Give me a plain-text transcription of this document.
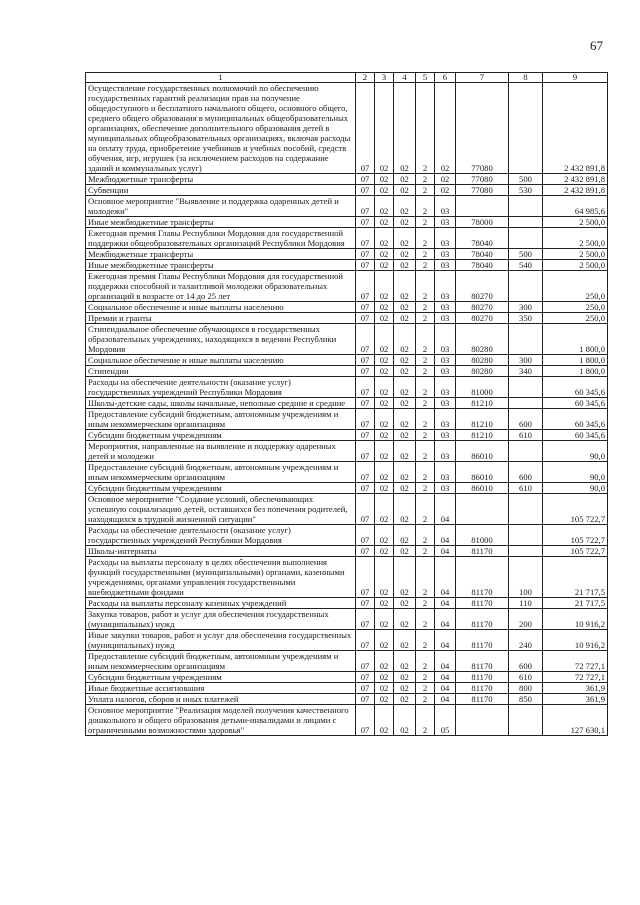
67
1	2	3	4	5	6	7	8	9
Осуществление государственных полномочий по обеспечению государственных гарантий реализации прав на получение общедоступного и бесплатного начального общего, основного общего, среднего общего образования в муниципальных общеобразовательных организациях, обеспечение дополнительного образования детей в муниципальных общеобразовательных организациях, включая расходы на оплату труда, приобретение учебников и учебных пособий, средств обучения, игр, игрушек (за исключением расходов на содержание зданий и коммунальных услуг)	07	02	02	2	02	77080		2 432 891,8
Межбюджетные трансферты	07	02	02	2	02	77080	500	2 432 891,8
Субвенции	07	02	02	2	02	77080	530	2 432 891,8
Основное мероприятие "Выявление и поддержка одаренных детей и молодежи"	07	02	02	2	03			64 985,6
Иные межбюджетные трансферты	07	02	02	2	03	78000		2 500,0
Ежегодная премия Главы Республики Мордовия для государственной поддержки общеобразовательных организаций Республики Мордовия	07	02	02	2	03	78040		2 500,0
Межбюджетные трансферты	07	02	02	2	03	78040	500	2 500,0
Иные межбюджетные трансферты	07	02	02	2	03	78040	540	2 500,0
Ежегодная премия Главы Республики Мордовия для государственной поддержки способной и талантливой молодежи образовательных организаций в возрасте от 14 до 25 лет	07	02	02	2	03	80270		250,0
Социальное обеспечение и иные выплаты населению	07	02	02	2	03	80270	300	250,0
Премии и гранты	07	02	02	2	03	80270	350	250,0
Стипендиальное обеспечение обучающихся в государственных образовательных учреждениях, находящихся в ведении Республики Мордовия	07	02	02	2	03	80280		1 800,0
Социальное обеспечение и иные выплаты населению	07	02	02	2	03	80280	300	1 800,0
Стипендии	07	02	02	2	03	80280	340	1 800,0
Расходы на обеспечение деятельности (оказание услуг) государственных учреждений Республики Мордовия	07	02	02	2	03	81000		60 345,6
Школы-детские сады, школы начальные, неполные средние и средние	07	02	02	2	03	81210		60 345,6
Предоставление субсидий бюджетным, автономным учреждениям и иным некоммерческим организациям	07	02	02	2	03	81210	600	60 345,6
Субсидии бюджетным учреждениям	07	02	02	2	03	81210	610	60 345,6
Мероприятия, направленные на выявление и поддержку одаренных детей и молодежи	07	02	02	2	03	86010		90,0
Предоставление субсидий бюджетным, автономным учреждениям и иным некоммерческим организациям	07	02	02	2	03	86010	600	90,0
Субсидии бюджетным учреждениям	07	02	02	2	03	86010	610	90,0
Основное мероприятие "Создание условий, обеспечивающих успешную социализацию детей, оставшихся без попечения родителей, находящихся в трудной жизненной ситуации"	07	02	02	2	04			105 722,7
Расходы на обеспечение деятельности (оказание услуг) государственных учреждений Республики Мордовия	07	02	02	2	04	81000		105 722,7
Школы-интернаты	07	02	02	2	04	81170		105 722,7
Расходы на выплаты персоналу в целях обеспечения выполнения функций государственными (муниципальными) органами, казенными учреждениями, органами управления государственными внебюджетными фондами	07	02	02	2	04	81170	100	21 717,5
Расходы на выплаты персоналу казенных учреждений	07	02	02	2	04	81170	110	21 717,5
Закупка товаров, работ и услуг для обеспечения государственных (муниципальных) нужд	07	02	02	2	04	81170	200	10 916,2
Иные закупки товаров, работ и услуг для обеспечения государственных (муниципальных) нужд	07	02	02	2	04	81170	240	10 916,2
Предоставление субсидий бюджетным, автономным учреждениям и иным некоммерческим организациям	07	02	02	2	04	81170	600	72 727,1
Субсидии бюджетным учреждениям	07	02	02	2	04	81170	610	72 727,1
Иные бюджетные ассигнования	07	02	02	2	04	81170	800	361,9
Уплата налогов, сборов и иных платежей	07	02	02	2	04	81170	850	361,9
Основное мероприятие "Реализация моделей получения качественного дошкольного и общего образования детьми-инвалидами и лицами с ограниченными возможностями здоровья"	07	02	02	2	05			127 630,1
